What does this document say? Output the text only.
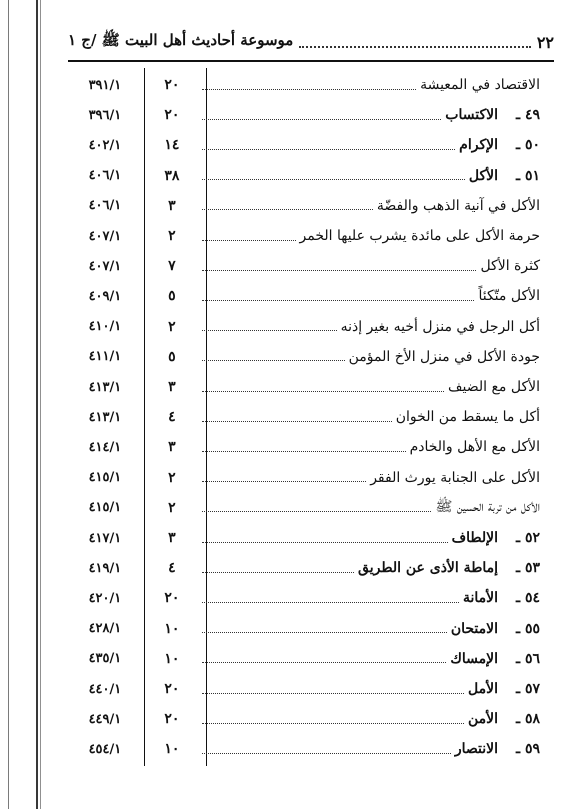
٢٢
موسوعة أحاديث أهل البيت ﷺ /ج ١
الاقتصاد في المعيشة
٢٠
٣٩١/١
٤٩ ـ
الاكتساب
٢٠
٣٩٦/١
٥٠ ـ
الإكرام
١٤
٤٠٢/١
٥١ ـ
الأكل
٣٨
٤٠٦/١
الأكل في آنية الذهب والفضّة
٣
٤٠٦/١
حرمة الأكل على مائدة يشرب عليها الخمر
٢
٤٠٧/١
كثرة الأكل
٧
٤٠٧/١
الأكل متّكئاً
٥
٤٠٩/١
أكل الرجل في منزل أخيه بغير إذنه
٢
٤١٠/١
جودة الأكل في منزل الأخ المؤمن
٥
٤١١/١
الأكل مع الضيف
٣
٤١٣/١
أكل ما يسقط من الخوان
٤
٤١٣/١
الأكل مع الأهل والخادم
٣
٤١٤/١
الأكل على الجنابة يورث الفقر
٢
٤١٥/١
الأكل من تربة الحسين ﷺ
٢
٤١٥/١
٥٢ ـ
الإلطاف
٣
٤١٧/١
٥٣ ـ
إماطة الأذى عن الطريق
٤
٤١٩/١
٥٤ ـ
الأمانة
٢٠
٤٢٠/١
٥٥ ـ
الامتحان
١٠
٤٢٨/١
٥٦ ـ
الإمساك
١٠
٤٣٥/١
٥٧ ـ
الأمل
٢٠
٤٤٠/١
٥٨ ـ
الأمن
٢٠
٤٤٩/١
٥٩ ـ
الانتصار
١٠
٤٥٤/١
